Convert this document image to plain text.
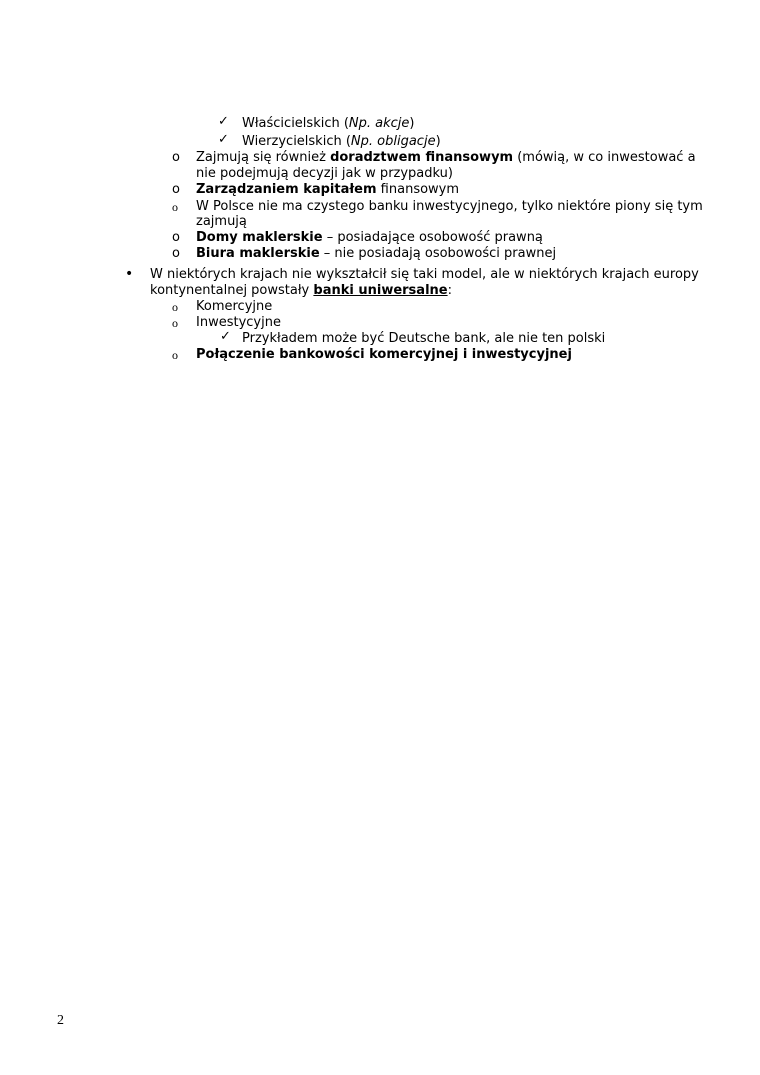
✓ Właścicielskich (Np. akcje)
✓ Wierzycielskich (Np. obligacje)
o Zajmują się również doradztwem finansowym (mówią, w co inwestować a
nie podejmują decyzji jak w przypadku)
o Zarządzaniem kapitałem finansowym
o W Polsce nie ma czystego banku inwestycyjnego, tylko niektóre piony się tym
zajmują
o Domy maklerskie – posiadające osobowość prawną
o Biura maklerskie – nie posiadają osobowości prawnej
• W niektórych krajach nie wykształcił się taki model, ale w niektórych krajach europy
kontynentalnej powstały banki uniwersalne:
o Komercyjne
o Inwestycyjne
✓ Przykładem może być Deutsche bank, ale nie ten polski
o Połączenie bankowości komercyjnej i inwestycyjnej
2
